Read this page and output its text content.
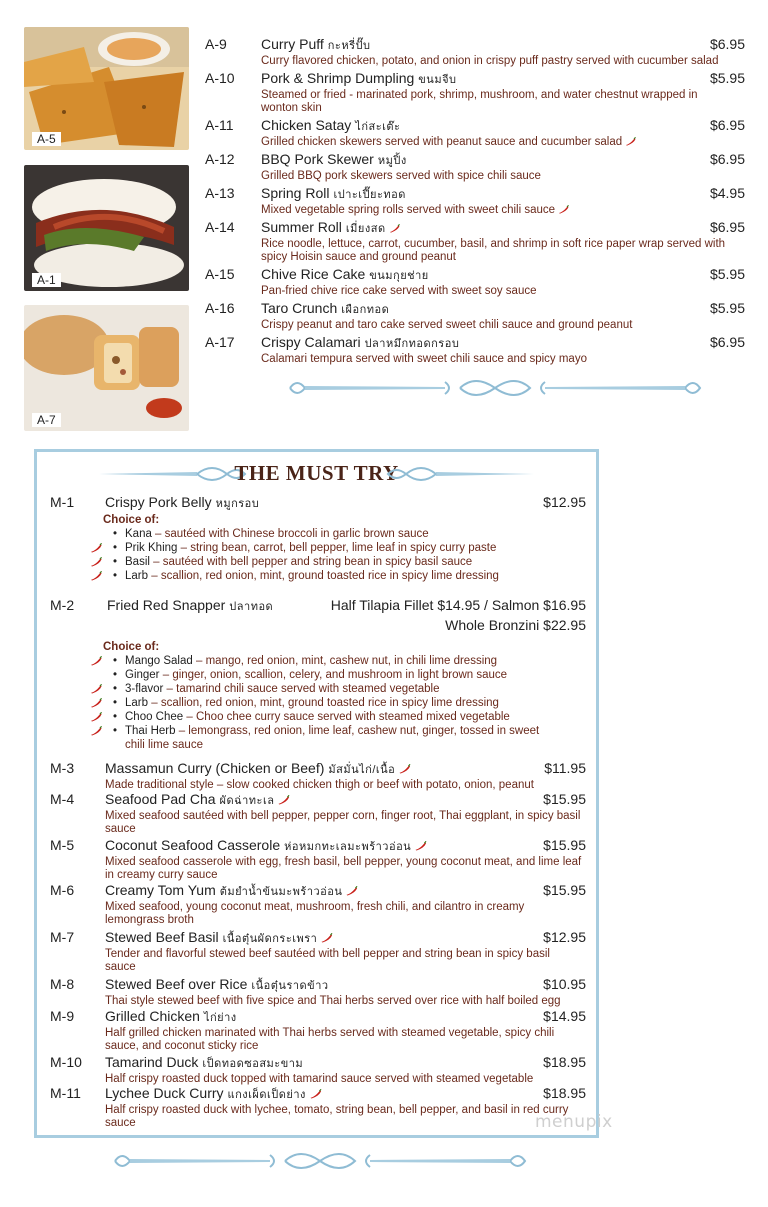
A-5
A-1
A-7
A-9	Curry Puff กะหรี่ปั๊บ	$6.95
Curry flavored chicken, potato, and onion in crispy puff pastry served with cucumber salad
A-10	Pork & Shrimp Dumpling ขนมจีบ	$5.95
Steamed or fried - marinated pork, shrimp, mushroom, and water chestnut wrapped in wonton skin
A-11	Chicken Satay ไก่สะเต๊ะ	$6.95
Grilled chicken skewers served with peanut sauce and cucumber salad
A-12	BBQ Pork Skewer หมูปิ้ง	$6.95
Grilled BBQ pork skewers served with spice chili sauce
A-13	Spring Roll เปาะเปี๊ยะทอด	$4.95
Mixed vegetable spring rolls served with sweet chili sauce
A-14	Summer Roll เมี่ยงสด	$6.95
Rice noodle, lettuce, carrot, cucumber, basil, and shrimp in soft rice paper wrap served with spicy Hoisin sauce and ground peanut
A-15	Chive Rice Cake ขนมกุยช่าย	$5.95
Pan-fried chive rice cake served with sweet soy sauce
A-16	Taro Crunch เผือกทอด	$5.95
Crispy peanut and taro cake served sweet chili sauce and ground peanut
A-17	Crispy Calamari ปลาหมึกทอดกรอบ	$6.95
Calamari tempura served with sweet chili sauce and spicy mayo
THE MUST TRY
M-1 Crispy Pork Belly หมูกรอบ	$12.95
Choice of:
• Kana – sautéed with Chinese broccoli in garlic brown sauce
• Prik Khing – string bean, carrot, bell pepper, lime leaf in spicy curry paste
• Basil – sautéed with bell pepper and string bean in spicy basil sauce
• Larb – scallion, red onion, mint, ground toasted rice in spicy lime dressing
M-2 Fried Red Snapper ปลาทอด	Half Tilapia Fillet $14.95 / Salmon $16.95
Whole Bronzini $22.95
Choice of:
• Mango Salad – mango, red onion, mint, cashew nut, in chili lime dressing
• Ginger – ginger, onion, scallion, celery, and mushroom in light brown sauce
• 3-flavor – tamarind chili sauce served with steamed vegetable
• Larb – scallion, red onion, mint, ground toasted rice in spicy lime dressing
• Choo Chee – Choo chee curry sauce served with steamed mixed vegetable
• Thai Herb – lemongrass, red onion, lime leaf, cashew nut, ginger, tossed in sweet chili lime sauce
M-3 Massamun Curry (Chicken or Beef) มัสมั่นไก่/เนื้อ	$11.95
Made traditional style – slow cooked chicken thigh or beef with potato, onion, peanut
M-4 Seafood Pad Cha ผัดฉ่าทะเล	$15.95
Mixed seafood sautéed with bell pepper, pepper corn, finger root, Thai eggplant, in spicy basil sauce
M-5 Coconut Seafood Casserole ห่อหมกทะเลมะพร้าวอ่อน	$15.95
Mixed seafood casserole with egg, fresh basil, bell pepper, young coconut meat, and lime leaf in creamy curry sauce
M-6 Creamy Tom Yum ต้มยำน้ำข้นมะพร้าวอ่อน	$15.95
Mixed seafood, young coconut meat, mushroom, fresh chili, and cilantro in creamy lemongrass broth
M-7 Stewed Beef Basil เนื้อตุ๋นผัดกระเพรา	$12.95
Tender and flavorful stewed beef sautéed with bell pepper and string bean in spicy basil sauce
M-8 Stewed Beef over Rice เนื้อตุ๋นราดข้าว	$10.95
Thai style stewed beef with five spice and Thai herbs served over rice with half boiled egg
M-9 Grilled Chicken ไก่ย่าง	$14.95
Half grilled chicken marinated with Thai herbs served with steamed vegetable, spicy chili sauce, and coconut sticky rice
M-10 Tamarind Duck เป็ดทอดซอสมะขาม	$18.95
Half crispy roasted duck topped with tamarind sauce served with steamed vegetable
M-11 Lychee Duck Curry แกงเผ็ดเป็ดย่าง	$18.95
Half crispy roasted duck with lychee, tomato, string bean, bell pepper, and basil in red curry sauce	menupix
